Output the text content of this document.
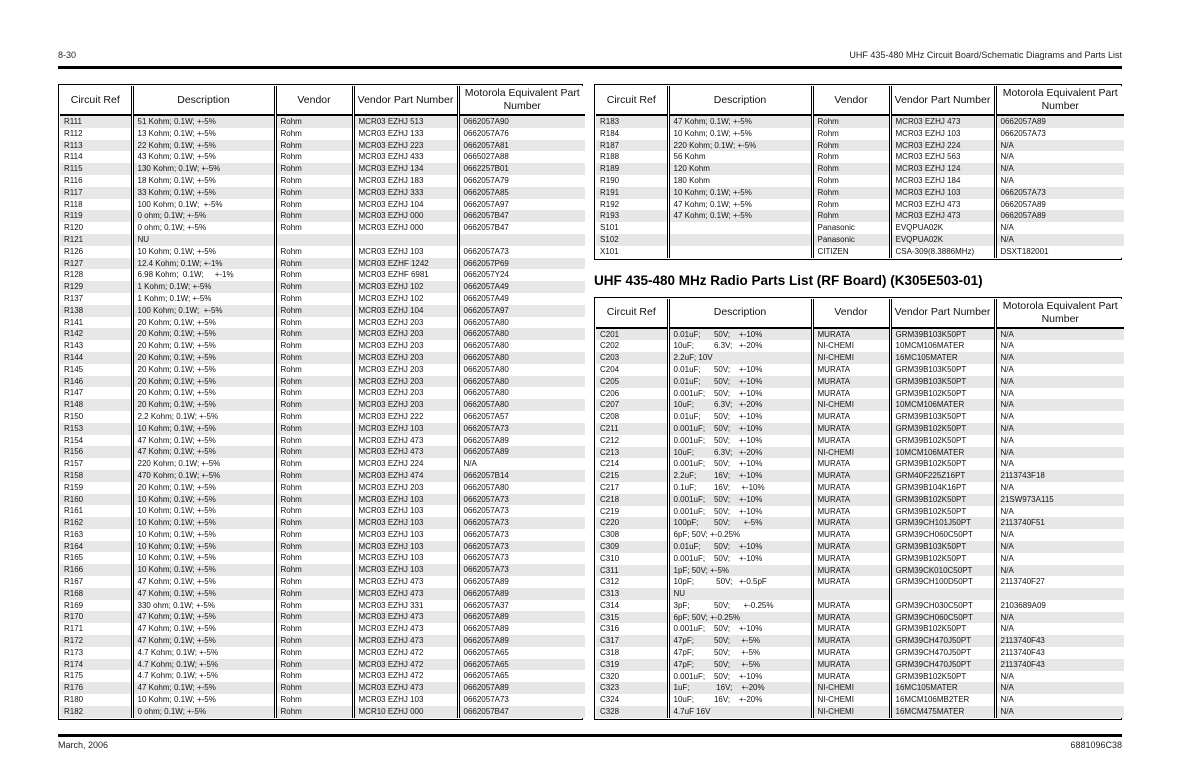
8-30	UHF 435-480 MHz Circuit Board/Schematic Diagrams and Parts List
Circuit Ref	Description	Vendor	Vendor Part Number	Motorola Equivalent Part Number
R111	51 Kohm; 0.1W; +-5%	Rohm	MCR03 EZHJ 513	0662057A90
R112	13 Kohm; 0.1W; +-5%	Rohm	MCR03 EZHJ 133	0662057A76
R113	22 Kohm; 0.1W; +-5%	Rohm	MCR03 EZHJ 223	0662057A81
R114	43 Kohm; 0.1W; +-5%	Rohm	MCR03 EZHJ 433	0665027A88
R115	130 Kohm; 0.1W; +-5%	Rohm	MCR03 EZHJ 134	0662257B01
R116	18 Kohm; 0.1W; +-5%	Rohm	MCR03 EZHJ 183	0662057A79
R117	33 Kohm; 0.1W; +-5%	Rohm	MCR03 EZHJ 333	0662057A85
R118	100 Kohm; 0.1W;  +-5%	Rohm	MCR03 EZHJ 104	0662057A97
R119	0 ohm; 0.1W; +-5%	Rohm	MCR03 EZHJ 000	0662057B47
R120	0 ohm; 0.1W; +-5%	Rohm	MCR03 EZHJ 000	0662057B47
R121	NU			
R126	10 Kohm; 0.1W; +-5%	Rohm	MCR03 EZHJ 103	0662057A73
R127	12.4 Kohm; 0.1W; +-1%	Rohm	MCR03 EZHF 1242	0662057P69
R128	6.98 Kohm;  0.1W;     +-1%	Rohm	MCR03 EZHF 6981	0662057Y24
R129	1 Kohm; 0.1W; +-5%	Rohm	MCR03 EZHJ 102	0662057A49
R137	1 Kohm; 0.1W; +-5%	Rohm	MCR03 EZHJ 102	0662057A49
R138	100 Kohm; 0.1W;  +-5%	Rohm	MCR03 EZHJ 104	0662057A97
R141	20 Kohm; 0.1W; +-5%	Rohm	MCR03 EZHJ 203	0662057A80
R142	20 Kohm; 0.1W; +-5%	Rohm	MCR03 EZHJ 203	0662057A80
R143	20 Kohm; 0.1W; +-5%	Rohm	MCR03 EZHJ 203	0662057A80
R144	20 Kohm; 0.1W; +-5%	Rohm	MCR03 EZHJ 203	0662057A80
R145	20 Kohm; 0.1W; +-5%	Rohm	MCR03 EZHJ 203	0662057A80
R146	20 Kohm; 0.1W; +-5%	Rohm	MCR03 EZHJ 203	0662057A80
R147	20 Kohm; 0.1W; +-5%	Rohm	MCR03 EZHJ 203	0662057A80
R148	20 Kohm; 0.1W; +-5%	Rohm	MCR03 EZHJ 203	0662057A80
R150	2.2 Kohm; 0.1W; +-5%	Rohm	MCR03 EZHJ 222	0662057A57
R153	10 Kohm; 0.1W; +-5%	Rohm	MCR03 EZHJ 103	0662057A73
R154	47 Kohm; 0.1W; +-5%	Rohm	MCR03 EZHJ 473	0662057A89
R156	47 Kohm; 0.1W; +-5%	Rohm	MCR03 EZHJ 473	0662057A89
R157	220 Kohm; 0.1W; +-5%	Rohm	MCR03 EZHJ 224	N/A
R158	470 Kohm; 0.1W; +-5%	Rohm	MCR03 EZHJ 474	0662057B14
R159	20 Kohm; 0.1W; +-5%	Rohm	MCR03 EZHJ 203	0662057A80
R160	10 Kohm; 0.1W; +-5%	Rohm	MCR03 EZHJ 103	0662057A73
R161	10 Kohm; 0.1W; +-5%	Rohm	MCR03 EZHJ 103	0662057A73
R162	10 Kohm; 0.1W; +-5%	Rohm	MCR03 EZHJ 103	0662057A73
R163	10 Kohm; 0.1W; +-5%	Rohm	MCR03 EZHJ 103	0662057A73
R164	10 Kohm; 0.1W; +-5%	Rohm	MCR03 EZHJ 103	0662057A73
R165	10 Kohm; 0.1W; +-5%	Rohm	MCR03 EZHJ 103	0662057A73
R166	10 Kohm; 0.1W; +-5%	Rohm	MCR03 EZHJ 103	0662057A73
R167	47 Kohm; 0.1W; +-5%	Rohm	MCR03 EZHJ 473	0662057A89
R168	47 Kohm; 0.1W; +-5%	Rohm	MCR03 EZHJ 473	0662057A89
R169	330 ohm; 0.1W; +-5%	Rohm	MCR03 EZHJ 331	0662057A37
R170	47 Kohm; 0.1W; +-5%	Rohm	MCR03 EZHJ 473	0662057A89
R171	47 Kohm; 0.1W; +-5%	Rohm	MCR03 EZHJ 473	0662057A89
R172	47 Kohm; 0.1W; +-5%	Rohm	MCR03 EZHJ 473	0662057A89
R173	4.7 Kohm; 0.1W; +-5%	Rohm	MCR03 EZHJ 472	0662057A65
R174	4.7 Kohm; 0.1W; +-5%	Rohm	MCR03 EZHJ 472	0662057A65
R175	4.7 Kohm; 0.1W; +-5%	Rohm	MCR03 EZHJ 472	0662057A65
R176	47 Kohm; 0.1W; +-5%	Rohm	MCR03 EZHJ 473	0662057A89
R180	10 Kohm; 0.1W; +-5%	Rohm	MCR03 EZHJ 103	0662057A73
R182	0 ohm; 0.1W; +-5%	Rohm	MCR10 EZHJ 000	0662057B47
Circuit Ref	Description	Vendor	Vendor Part Number	Motorola Equivalent Part Number
R183	47 Kohm; 0.1W; +-5%	Rohm	MCR03 EZHJ 473	0662057A89
R184	10 Kohm; 0.1W; +-5%	Rohm	MCR03 EZHJ 103	0662057A73
R187	220 Kohm; 0.1W; +-5%	Rohm	MCR03 EZHJ 224	N/A
R188	56 Kohm	Rohm	MCR03 EZHJ 563	N/A
R189	120 Kohm	Rohm	MCR03 EZHJ 124	N/A
R190	180 Kohm	Rohm	MCR03 EZHJ 184	N/A
R191	10 Kohm; 0.1W; +-5%	Rohm	MCR03 EZHJ 103	0662057A73
R192	47 Kohm; 0.1W; +-5%	Rohm	MCR03 EZHJ 473	0662057A89
R193	47 Kohm; 0.1W; +-5%	Rohm	MCR03 EZHJ 473	0662057A89
S101		Panasonic	EVQPUA02K	N/A
S102		Panasonic	EVQPUA02K	N/A
X101		CITIZEN	CSA-309(8.3886MHz)	DSXT182001
UHF 435-480 MHz Radio Parts List (RF Board) (K305E503-01)
Circuit Ref	Description	Vendor	Vendor Part Number	Motorola Equivalent Part Number
C201	0.01uF;      50V;    +-10%	MURATA	GRM39B103K50PT	N/A
C202	10uF;         6.3V;   +-20%	NI-CHEMI	10MCM106MATER	N/A
C203	2.2uF; 10V	NI-CHEMI	16MC105MATER	N/A
C204	0.01uF;      50V;    +-10%	MURATA	GRM39B103K50PT	N/A
C205	0.01uF;      50V;    +-10%	MURATA	GRM39B103K50PT	N/A
C206	0.001uF;    50V;    +-10%	MURATA	GRM39B102K50PT	N/A
C207	10uF;         6.3V;   +-20%	NI-CHEMI	10MCM106MATER	N/A
C208	0.01uF;      50V;    +-10%	MURATA	GRM39B103K50PT	N/A
C211	0.001uF;    50V;    +-10%	MURATA	GRM39B102K50PT	N/A
C212	0.001uF;    50V;    +-10%	MURATA	GRM39B102K50PT	N/A
C213	10uF;         6.3V;   +-20%	NI-CHEMI	10MCM106MATER	N/A
C214	0.001uF;    50V;    +-10%	MURATA	GRM39B102K50PT	N/A
C215	2.2uF;        16V;    +-10%	MURATA	GRM40F225Z16PT	2113743F18
C217	0.1uF;        16V;     +-10%	MURATA	GRM39B104K16PT	N/A
C218	0.001uF;    50V;    +-10%	MURATA	GRM39B102K50PT	21SW973A115
C219	0.001uF;    50V;    +-10%	MURATA	GRM39B102K50PT	N/A
C220	100pF;       50V;      +-5%	MURATA	GRM39CH101J50PT	2113740F51
C308	6pF; 50V; +-0.25%	MURATA	GRM39CH060C50PT	N/A
C309	0.01uF;      50V;    +-10%	MURATA	GRM39B103K50PT	N/A
C310	0.001uF;    50V;    +-10%	MURATA	GRM39B102K50PT	N/A
C311	1pF; 50V; +-5%	MURATA	GRM39CK010C50PT	N/A
C312	10pF;          50V;   +-0.5pF	MURATA	GRM39CH100D50PT	2113740F27
C313	NU			
C314	3pF;           50V;      +-0.25%	MURATA	GRM39CH030C50PT	2103689A09
C315	6pF; 50V; +-0.25%	MURATA	GRM39CH060C50PT	N/A
C316	0.001uF;    50V;    +-10%	MURATA	GRM39B102K50PT	N/A
C317	47pF;         50V;     +-5%	MURATA	GRM39CH470J50PT	2113740F43
C318	47pF;         50V;     +-5%	MURATA	GRM39CH470J50PT	2113740F43
C319	47pF;         50V;     +-5%	MURATA	GRM39CH470J50PT	2113740F43
C320	0.001uF;    50V;    +-10%	MURATA	GRM39B102K50PT	N/A
C323	1uF;            16V;    +-20%	NI-CHEMI	16MC105MATER	N/A
C324	10uF;         16V;    +-20%	NI-CHEMI	16MCM106MB2TER	N/A
C328	4.7uF 16V	NI-CHEMI	16MCM475MATER	N/A
March, 2006	6881096C38
